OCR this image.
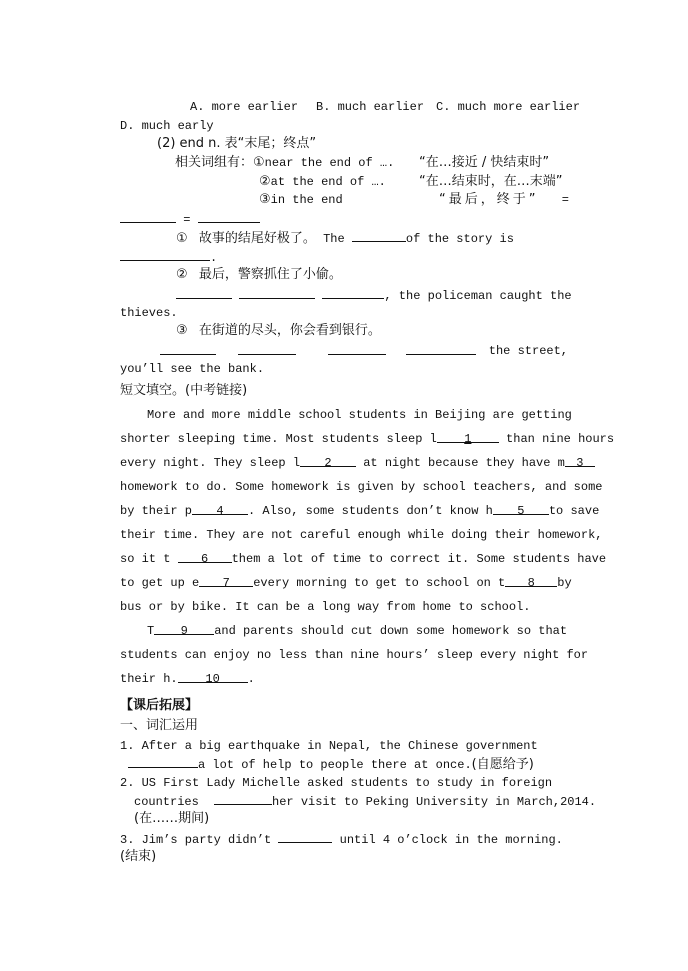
A. more earlier B. much earlier C. much more earlier
D. much early
(2) end n. 表“末尾；终点”
相关词组有：①near the end of …. “在…接近 / 快结束时”
②at the end of ….	“在…结束时，在…末端”
③in the end	“最后，终于” =
=
① 故事的结尾好极了。 The	of the story is
.
② 最后，警察抓住了小偷。
, the policeman caught the
thieves.
③ 在街道的尽头，你会看到银行。
the street,
you’ll see the bank.
短文填空。(中考链接)
More and more middle school students in Beijing are getting
shorter sleeping time. Most students sleep l 1 than nine hours
every night. They sleep l 2 at night because they have m 3
homework to do. Some homework is given by school teachers, and some
by their p 4 . Also, some students don’t know h 5 to save
their time. They are not careful enough while doing their homework,
so it t 6 them a lot of time to correct it. Some students have
to get up e 7 every morning to get to school on t 8 by
bus or by bike. It can be a long way from home to school.
T 9 and parents should cut down some homework so that
students can enjoy no less than nine hours’ sleep every night for
their h. 10 .
【课后拓展】
一、词汇运用
1. After a big earthquake in Nepal, the Chinese government
a lot of help to people there at once.(自愿给予)
2. US First Lady Michelle asked students to study in foreign
countries	her visit to Peking University in March,2014.
(在……期间)
3. Jim’s party didn’t	until 4 o’clock in the morning.
(结束)
